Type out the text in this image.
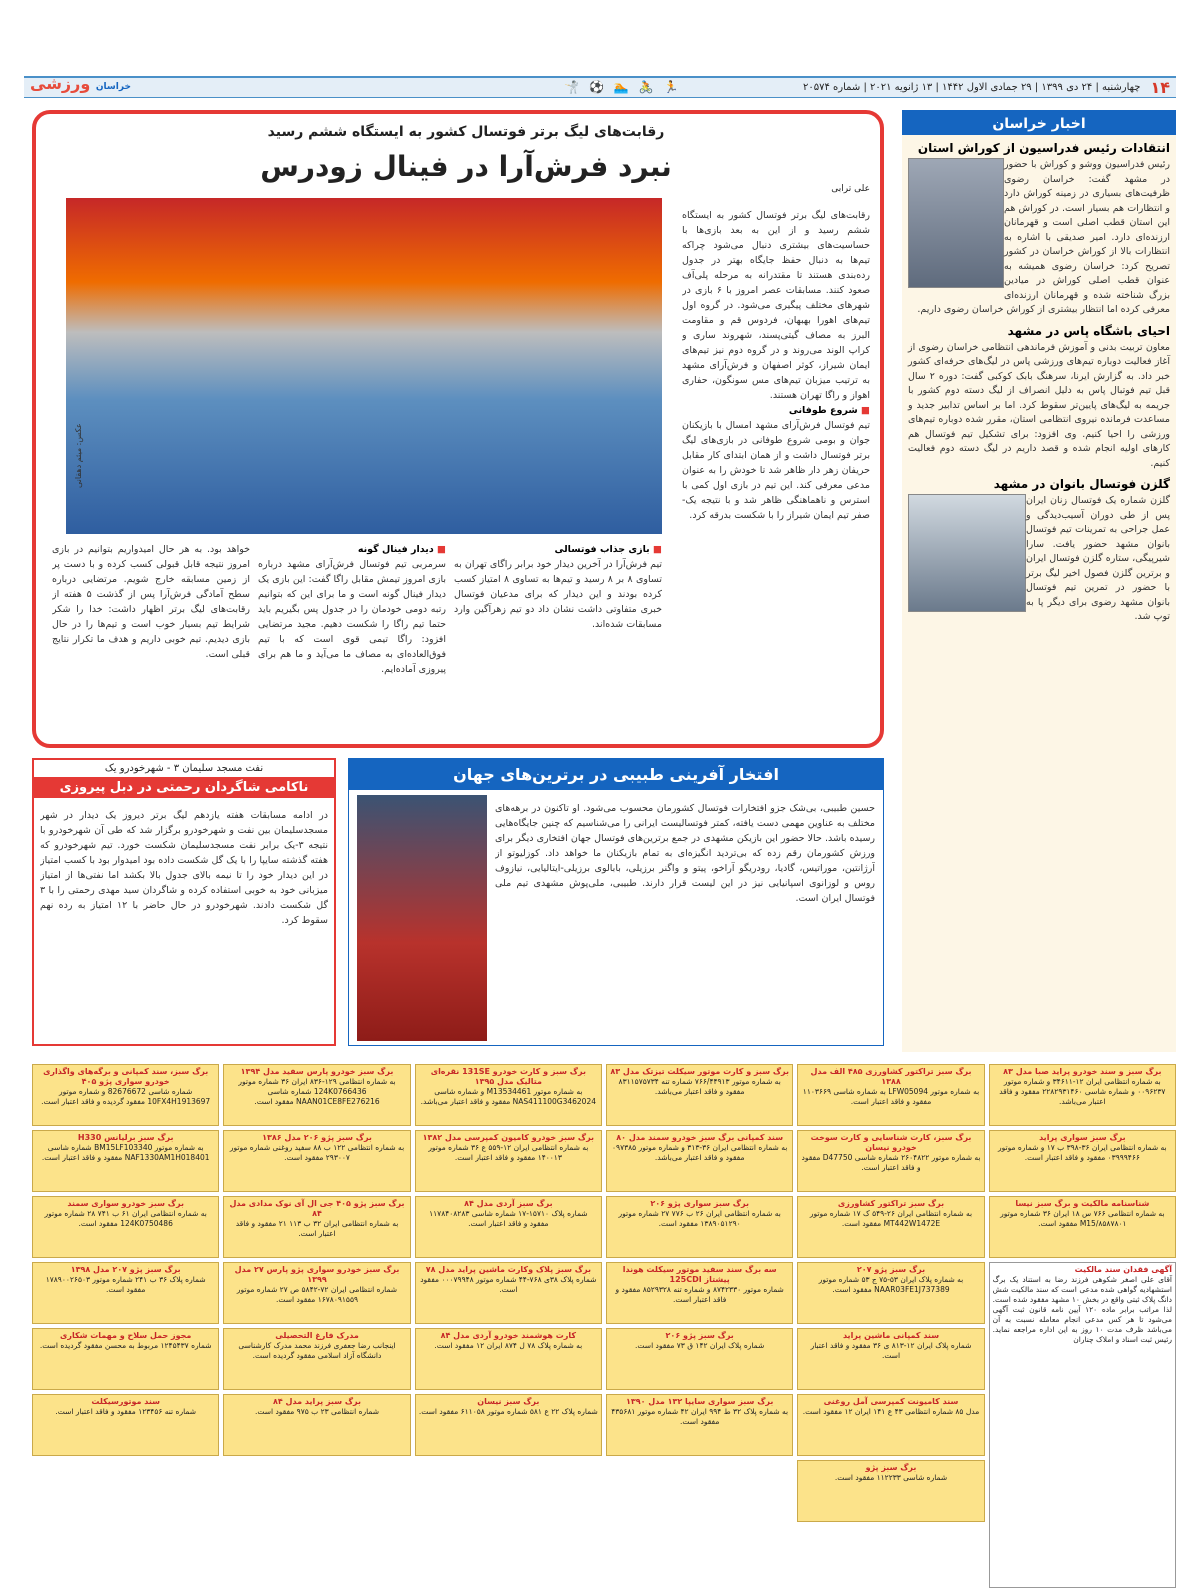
۱۴
چهارشنبه | ۲۴ دی ۱۳۹۹ | ۲۹ جمادی الاول ۱۴۴۲ | ۱۳ ژانویه ۲۰۲۱ | شماره ۲۰۵۷۴
🏃
🚴
🏊
⚽
🤺
خراسان ورزشی
رقابت‌های لیگ برتر فوتسال کشور به ایستگاه ششم رسید
نبرد فرش‌آرا در فینال زودرس
علی ترابی
عکس: میثم دهقانی

رقابت‌های لیگ برتر فوتسال کشور به ایستگاه ششم رسید و از این به بعد بازی‌ها با حساسیت‌های بیشتری دنبال می‌شود چراکه تیم‌ها به دنبال حفظ جایگاه بهتر در جدول رده‌بندی هستند تا مقتدرانه به مرحله پلی‌آف صعود کنند. مسابقات عصر امروز با ۶ بازی در شهرهای مختلف پیگیری می‌شود. در گروه اول تیم‌های اهورا بهبهان، فردوس قم و مقاومت البرز به مصاف گیتی‌پسند، شهروند ساری و کراپ الوند می‌روند و در گروه دوم نیز تیم‌های ایمان شیراز، کوثر اصفهان و فرش‌آرای مشهد به ترتیب میزبان تیم‌های مس سونگون، حفاری اهواز و راگا تهران هستند.

■ شروع طوفانی

تیم فوتسال فرش‌آرای مشهد امسال با بازیکنان جوان و بومی شروع طوفانی در بازی‌های لیگ برتر فوتسال داشت و از همان ابتدای کار مقابل حریفان زهر دار ظاهر شد تا خودش را به عنوان مدعی معرفی کند. این تیم در بازی اول کمی با استرس و ناهماهنگی ظاهر شد و با نتیجه یک-صفر تیم ایمان شیراز را با شکست بدرقه کرد.

■ بازی جذاب فوتسالی

تیم فرش‌آرا در آخرین دیدار خود برابر راگای تهران به تساوی ۸ بر ۸ رسید و تیم‌ها به تساوی ۸ امتیاز کسب کرده بودند و این دیدار که برای مدعیان فوتسال خبری متفاوتی داشت نشان داد دو تیم زهرآگین وارد مسابقات شده‌اند.

■ دیدار فینال گونه

سرمربی تیم فوتسال فرش‌آرای مشهد درباره بازی امروز تیمش مقابل راگا گفت: این بازی یک دیدار فینال گونه است و ما برای این که بتوانیم رتبه دومی خودمان را در جدول پس بگیریم باید حتما تیم راگا را شکست دهیم. مجید مرتضایی افزود: راگا تیمی قوی است که با تیم فوق‌العاده‌ای به مصاف ما می‌آید و ما هم برای پیروزی آماده‌ایم.

خواهد بود. به هر حال امیدواریم بتوانیم در بازی امروز نتیجه قابل قبولی کسب کرده و با دست پر از زمین مسابقه خارج شویم. مرتضایی درباره سطح آمادگی فرش‌آرا پس از گذشت ۵ هفته از رقابت‌های لیگ برتر اظهار داشت: خدا را شکر شرایط تیم بسیار خوب است و تیم‌ها را در حال بازی دیدیم. تیم خوبی داریم و هدف ما تکرار نتایج قبلی است.

اخبار خراسان
انتقادات رئیس فدراسیون از کوراش استان

رئیس فدراسیون ووشو و کوراش با حضور در مشهد گفت: خراسان رضوی ظرفیت‌های بسیاری در زمینه کوراش دارد و انتظارات هم بسیار است. در کوراش هم این استان قطب اصلی است و قهرمانان ارزنده‌ای دارد. امیر صدیقی با اشاره به انتظارات بالا از کوراش خراسان در کشور تصریح کرد: خراسان رضوی همیشه به عنوان قطب اصلی کوراش در میادین بزرگ شناخته شده و قهرمانان ارزنده‌ای معرفی کرده اما انتظار بیشتری از کوراش خراسان رضوی داریم.

احیای باشگاه پاس در مشهد

معاون تربیت بدنی و آموزش فرماندهی انتظامی خراسان رضوی از آغاز فعالیت دوباره تیم‌های ورزشی پاس در لیگ‌های حرفه‌ای کشور خبر داد. به گزارش ایرنا، سرهنگ بابک کوکبی گفت: دوره ۲ سال قبل تیم فوتبال پاس به دلیل انصراف از لیگ دسته دوم کشور با جریمه به لیگ‌های پایین‌تر سقوط کرد. اما بر اساس تدابیر جدید و مساعدت فرمانده نیروی انتظامی استان، مقرر شده دوباره تیم‌های ورزشی را احیا کنیم. وی افزود: برای تشکیل تیم فوتسال هم کارهای اولیه انجام شده و قصد داریم در لیگ دسته دوم فعالیت کنیم.

گلزن فوتسال بانوان در مشهد

گلزن شماره یک فوتسال زنان ایران پس از طی دوران آسیب‌دیدگی و عمل جراحی به تمرینات تیم فوتسال بانوان مشهد حضور یافت. سارا شیرپیگی، ستاره گلزن فوتسال ایران و برترین گلزن فصول اخیر لیگ برتر با حضور در تمرین تیم فوتسال بانوان مشهد رضوی برای دیگر پا به توپ شد.

افتخار آفرینی طبیبی در برترین‌های جهان
حسین طبیبی، بی‌شک جزو افتخارات فوتسال کشورمان محسوب می‌شود. او تاکنون در برهه‌های مختلف به عناوین مهمی دست یافته، کمتر فوتسالیست ایرانی را می‌شناسیم که چنین جایگاه‌هایی رسیده باشد. حالا حضور این بازیکن مشهدی در جمع برترین‌های فوتسال جهان افتخاری دیگر برای ورزش کشورمان رقم زده که بی‌تردید انگیزه‌ای به تمام بازیکنان ما خواهد داد. کوزلیوتو از آرژانتین، موراتیس، گادیا، رودریگو آراخو، پیتو و واگنر برزیلی، بابالوی برزیلی-ایتالیایی، نیازوف روس و لوزانوی اسپانیایی نیز در این لیست قرار دارند. طبیبی، ملی‌پوش مشهدی تیم ملی فوتسال ایران است.
نفت مسجد سلیمان ۳ - شهرخودرو یک
ناکامی شاگردان رحمتی در دبل پیروزی
در ادامه مسابقات هفته یازدهم لیگ برتر دیروز یک دیدار در شهر مسجدسلیمان بین نفت و شهرخودرو برگزار شد که طی آن شهرخودرو با نتیجه ۳-یک برابر نفت مسجدسلیمان شکست خورد. تیم شهرخودرو که هفته گذشته سایپا را با یک گل شکست داده بود امیدوار بود با کسب امتیاز در این دیدار خود را تا نیمه بالای جدول بالا بکشد اما نفتی‌ها از امتیاز میزبانی خود به خوبی استفاده کرده و شاگردان سید مهدی رحمتی را با ۳ گل شکست دادند. شهرخودرو در حال حاضر با ۱۲ امتیاز به رده نهم سقوط کرد.
برگ سبز و سند خودرو پراید صبا مدل ۸۳
به شماره انتظامی ایران ۱۲-۳۴۶۱۱ و شماره موتور ۰۰۹۶۲۳۷ و شماره شاسی ۲۲۸۲۹۳۱۴۶۰ مفقود و فاقد اعتبار می‌باشد.
برگ سبز تراکتور کشاورزی ۴۸۵ الف مدل ۱۳۸۸
به شماره موتور LFW05094 به شماره شاسی ۱۱۰۳۶۶۹ مفقود و فاقد اعتبار است.
برگ سبز و کارت موتور سیکلت تیزتک مدل ۸۳
به شماره موتور ۷۶۶/۴۴۹۱۳ شماره تنه ۸۳۱۱۵۷۵۷۳۴ مفقود و فاقد اعتبار می‌باشد.
برگ سبز و کارت خودرو 131SE نقره‌ای متالیک مدل ۱۳۹۵
به شماره موتور M13534461 و شماره شاسی NAS411100G3462024 مفقود و فاقد اعتبار می‌باشد.
برگ سبز خودرو پارس سفید مدل ۱۳۹۴
به شماره انتظامی ۱۲۹-۸۳۶ ایران ۳۶ شماره موتور 124K0766436 شماره شاسی NAAN01CE8FE276216 مفقود است.
برگ سبز، سند کمپانی و برگه‌های واگذاری خودرو سواری پژو ۴۰۵
شماره شاسی 82676672 و شماره موتور 10FX4H1913697 مفقود گردیده و فاقد اعتبار است.
برگ سبز سواری پراید
به شماره انتظامی ایران ۳۶-۳۹۸ ب ۱۷ و شماره موتور ۰۳۹۹۹۴۶۶ مفقود و فاقد اعتبار است.
برگ سبز، کارت شناسایی و کارت سوخت خودرو نیسان
به شماره موتور ۲۶۰۴۸۲۲ شماره شاسی D47750 مفقود و فاقد اعتبار است.
سند کمپانی برگ سبز خودرو سمند مدل ۸۰
به شماره انتظامی ایران ۳۶-۳۱۳ و شماره موتور ۰۹۷۳۸۵ مفقود و فاقد اعتبار می‌باشد.
برگ سبز خودرو کامیون کمپرسی مدل ۱۳۸۲
به شماره انتظامی ایران ۱۲-۵۵۹ ع ۳۶ شماره موتور ۱۴۰۰۱۳ مفقود و فاقد اعتبار است.
برگ سبز پژو ۲۰۶ مدل ۱۳۸۶
به شماره انتظامی ۱۲۲ ب ۸۸ سفید روغنی شماره موتور ۲۹۳۰۰۷ مفقود است.
برگ سبز برلیانس H330
به شماره موتور BM15LF103340 شماره شاسی NAF1330AM1H018401 مفقود و فاقد اعتبار است.
شناسنامه مالکیت و برگ سبز نیسا
به شماره انتظامی ۷۶۶ س ۱۸ ایران ۳۶ شماره موتور M15/۸۵۸۷۸۰۱ مفقود است.
برگ سبز تراکتور کشاورزی
به شماره انتظامی ایران ۲۶-۵۴۹ ک ۱۷ شماره موتور MT442W1472E مفقود است.
برگ سبز سواری پژو ۲۰۶
به شماره انتظامی ایران ۲۶ ب ۷۷۶ ۲۷ شماره موتور ۱۳۸۹۰۵۱۲۹۰ مفقود است.
برگ سبز آردی مدل ۸۴
شماره پلاک ۱۵۷۱۰-۱۷ شماره شاسی ۱۱۷۸۴۰۸۲۸۳ مفقود و فاقد اعتبار است.
برگ سبز پژو ۴۰۵ جی ال آی نوک مدادی مدل ۸۴
به شماره انتظامی ایران ۳۲ ب ۱۱۳ ۲۱ مفقود و فاقد اعتبار است.
برگ سبز خودرو سواری سمند
به شماره انتظامی ایران ۶۱ ب ۷۴۱ ۲۸ شماره موتور 124K0750486 مفقود است.
آگهی فقدان سند مالکیت
آقای علی اصغر شکوهی فرزند رضا به استناد یک برگ استشهادیه گواهی شده مدعی است که سند مالکیت شش دانگ پلاک ثبتی واقع در بخش ۱۰ مشهد مفقود شده است. لذا مراتب برابر ماده ۱۲۰ آیین نامه قانون ثبت آگهی می‌شود تا هر کس مدعی انجام معامله نسبت به آن می‌باشد ظرف مدت ۱۰ روز به این اداره مراجعه نماید. رئیس ثبت اسناد و املاک چناران
برگ سبز پژو ۲۰۷
به شماره پلاک ایران ۵۳-۷۵ ج ۵۳ شماره موتور NAAR03FE1J737389 مفقود است.
سه برگ سند سفید موتور سیکلت هوندا پیشتاز 125CDI
شماره موتور ۸۷۴۲۳۳۰ و شماره تنه ۸۵۲۹۳۲۸ مفقود و فاقد اعتبار است.
برگ سبز پلاک وکارت ماشین پراید مدل ۷۸
شماره پلاک ۳۸ی ۷۶۸-۴۴ شماره موتور ۰۰۰۷۹۹۴۸ مفقود است.
برگ سبز خودرو سواری پژو پارس ۲۷ مدل ۱۳۹۹
شماره انتظامی ایران ۷۲-۵۸۴۲ ص ۲۷ شماره موتور ۱۶۷۸۰۹۱۵۵۹ مفقود است.
برگ سبز پژو ۲۰۷ مدل ۱۳۹۸
شماره پلاک ۳۶ ب ۲۴۱ شماره موتور ۱۷۸۹۰۰۲۶۵۰۳ مفقود است.
سند کمپانی ماشین پراید
شماره پلاک ایران ۱۲-۸۱۳ ی ۳۶ مفقود و فاقد اعتبار است.
برگ سبز پژو ۲۰۶
شماره پلاک ایران ۱۴۲ ق ۷۳ مفقود است.
کارت هوشمند خودرو آردی مدل ۸۴
به شماره پلاک ۷۸ ل ۸۷۴ ایران ۱۲ مفقود است.
مدرک فارغ التحصیلی
اینجانب رضا جعفری فرزند محمد مدرک کارشناسی دانشگاه آزاد اسلامی مفقود گردیده است.
مجوز حمل سلاح و مهمات شکاری
شماره ۱۲۴۵۴۳۷ مربوط به محسن مفقود گردیده است.
سند کامیونت کمپرسی آمل روغنی
مدل ۸۵ شماره انتظامی ۴۳ ع ۱۴۱ ایران ۱۲ مفقود است.
برگ سبز سواری سایپا ۱۳۲ مدل ۱۳۹۰
به شماره پلاک ۳۲ ط ۹۹۴ ایران ۴۲ شماره موتور ۴۳۵۶۸۱ مفقود است.
برگ سبز نیسان
شماره پلاک ۲۲ ع ۵۸۱ شماره موتور ۶۱۱۰۵۸ مفقود است.
برگ سبز پراید مدل ۸۴
شماره انتظامی ۲۳ ب ۹۷۵ مفقود است.
سند موتورسیکلت
شماره تنه ۱۲۳۴۵۶ مفقود و فاقد اعتبار است.
برگ سبز پژو
شماره شاسی ۱۱۲۲۳۳ مفقود است.
